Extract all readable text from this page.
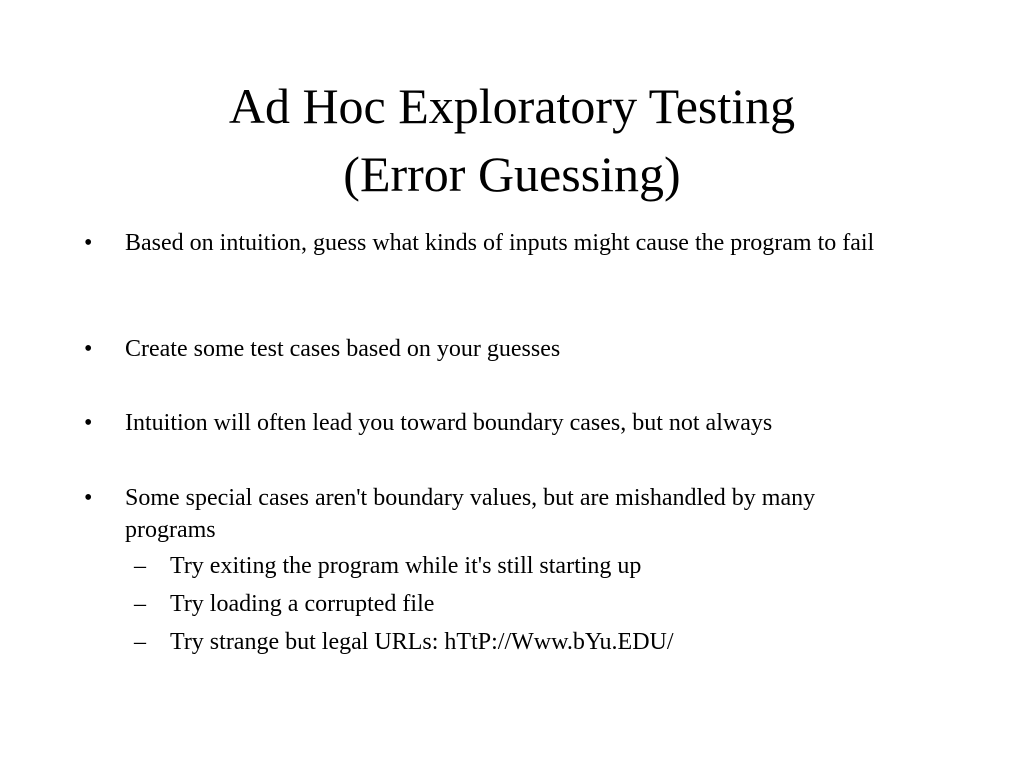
Ad Hoc Exploratory Testing
(Error Guessing)
•	Based on intuition, guess what kinds of inputs might cause the program to fail
•	Create some test cases based on your guesses
•	Intuition will often lead you toward boundary cases, but not always
•	Some special cases aren't boundary values, but are mishandled by many programs
–	Try exiting the program while it's still starting up
–	Try loading a corrupted file
–	Try strange but legal URLs: hTtP://Www.bYu.EDU/
